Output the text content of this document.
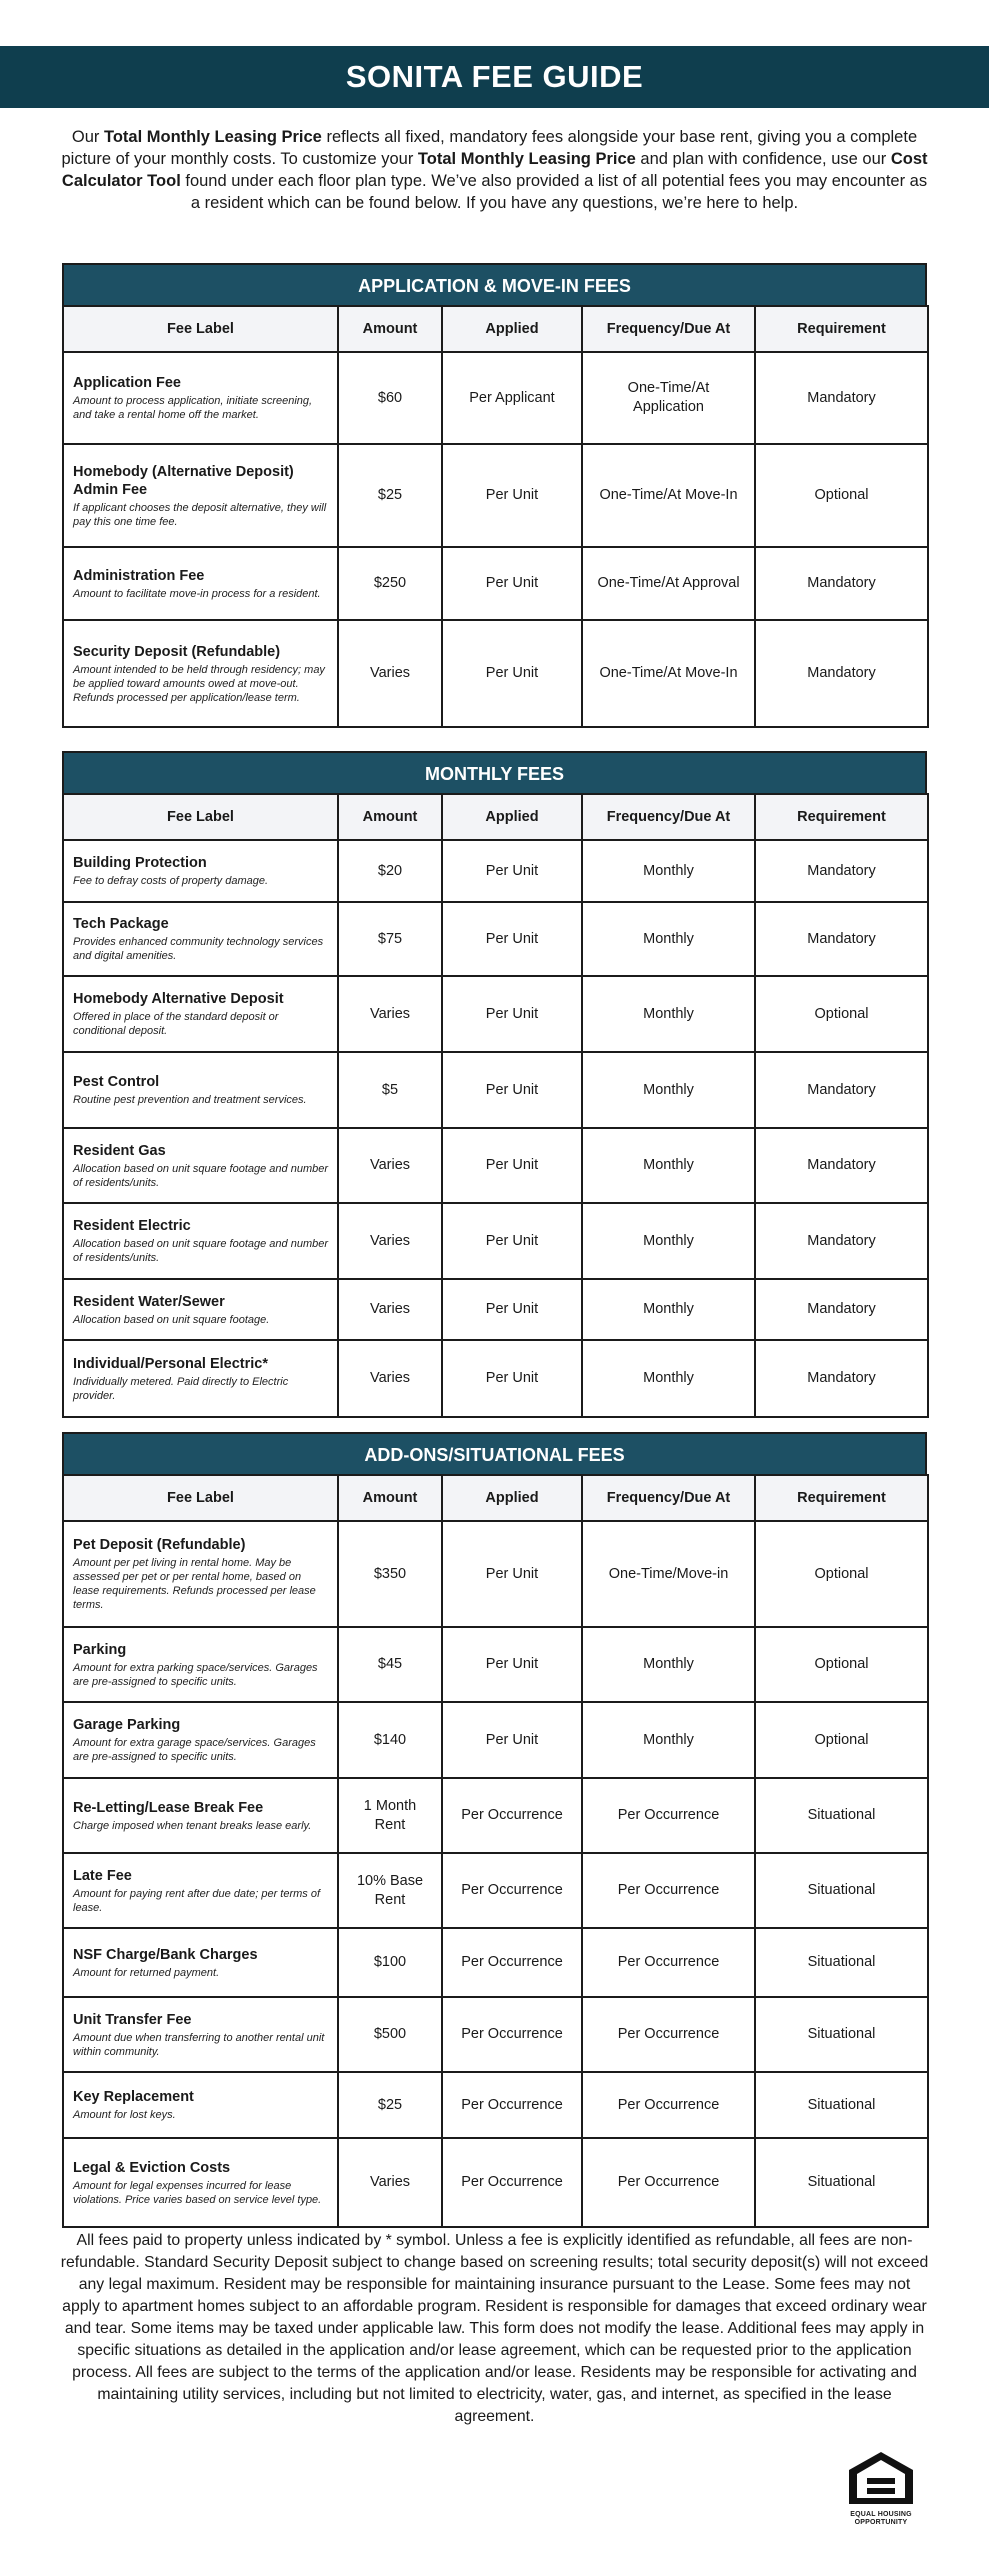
SONITA FEE GUIDE
Our Total Monthly Leasing Price reflects all fixed, mandatory fees alongside your base rent, giving you a complete picture of your monthly costs. To customize your Total Monthly Leasing Price and plan with confidence, use our Cost Calculator Tool found under each floor plan type. We’ve also provided a list of all potential fees you may encounter as a resident which can be found below. If you have any questions, we’re here to help.
APPLICATION & MOVE-IN FEES
Fee Label	Amount	Applied	Frequency/Due At	Requirement

Application Fee
Amount to process application, initiate screening, and take a rental home off the market.	$60	Per Applicant	One-Time/At Application	Mandatory

Homebody (Alternative Deposit) Admin Fee
If applicant chooses the deposit alternative, they will pay this one time fee.	$25	Per Unit	One-Time/At Move-In	Optional

Administration Fee
Amount to facilitate move-in process for a resident.	$250	Per Unit	One-Time/At Approval	Mandatory

Security Deposit (Refundable)
Amount intended to be held through residency; may be applied toward amounts owed at move-out. Refunds processed per application/lease term.	Varies	Per Unit	One-Time/At Move-In	Mandatory
MONTHLY FEES
Fee Label	Amount	Applied	Frequency/Due At	Requirement

Building Protection
Fee to defray costs of property damage.	$20	Per Unit	Monthly	Mandatory

Tech Package
Provides enhanced community technology services and digital amenities.	$75	Per Unit	Monthly	Mandatory

Homebody Alternative Deposit
Offered in place of the standard deposit or conditional deposit.	Varies	Per Unit	Monthly	Optional

Pest Control
Routine pest prevention and treatment services.	$5	Per Unit	Monthly	Mandatory

Resident Gas
Allocation based on unit square footage and number of residents/units.	Varies	Per Unit	Monthly	Mandatory

Resident Electric
Allocation based on unit square footage and number of residents/units.	Varies	Per Unit	Monthly	Mandatory

Resident Water/Sewer
Allocation based on unit square footage.	Varies	Per Unit	Monthly	Mandatory

Individual/Personal Electric*
Individually metered. Paid directly to Electric provider.	Varies	Per Unit	Monthly	Mandatory
ADD-ONS/SITUATIONAL FEES
Fee Label	Amount	Applied	Frequency/Due At	Requirement

Pet Deposit (Refundable)
Amount per pet living in rental home. May be assessed per pet or per rental home, based on lease requirements. Refunds processed per lease terms.	$350	Per Unit	One-Time/Move-in	Optional

Parking
Amount for extra parking space/services. Garages are pre-assigned to specific units.	$45	Per Unit	Monthly	Optional

Garage Parking
Amount for extra garage space/services. Garages are pre-assigned to specific units.	$140	Per Unit	Monthly	Optional

Re-Letting/Lease Break Fee
Charge imposed when tenant breaks lease early.	1 Month Rent	Per Occurrence	Per Occurrence	Situational

Late Fee
Amount for paying rent after due date; per terms of lease.	10% Base Rent	Per Occurrence	Per Occurrence	Situational

NSF Charge/Bank Charges
Amount for returned payment.	$100	Per Occurrence	Per Occurrence	Situational

Unit Transfer Fee
Amount due when transferring to another rental unit within community.	$500	Per Occurrence	Per Occurrence	Situational

Key Replacement
Amount for lost keys.	$25	Per Occurrence	Per Occurrence	Situational

Legal & Eviction Costs
Amount for legal expenses incurred for lease violations. Price varies based on service level type.	Varies	Per Occurrence	Per Occurrence	Situational
All fees paid to property unless indicated by * symbol. Unless a fee is explicitly identified as refundable, all fees are non-refundable. Standard Security Deposit subject to change based on screening results; total security deposit(s) will not exceed any legal maximum. Resident may be responsible for maintaining insurance pursuant to the Lease. Some fees may not apply to apartment homes subject to an affordable program. Resident is responsible for damages that exceed ordinary wear and tear. Some items may be taxed under applicable law. This form does not modify the lease. Additional fees may apply in specific situations as detailed in the application and/or lease agreement, which can be requested prior to the application process. All fees are subject to the terms of the application and/or lease. Residents may be responsible for activating and maintaining utility services, including but not limited to electricity, water, gas, and internet, as specified in the lease agreement.
EQUAL HOUSING
OPPORTUNITY
